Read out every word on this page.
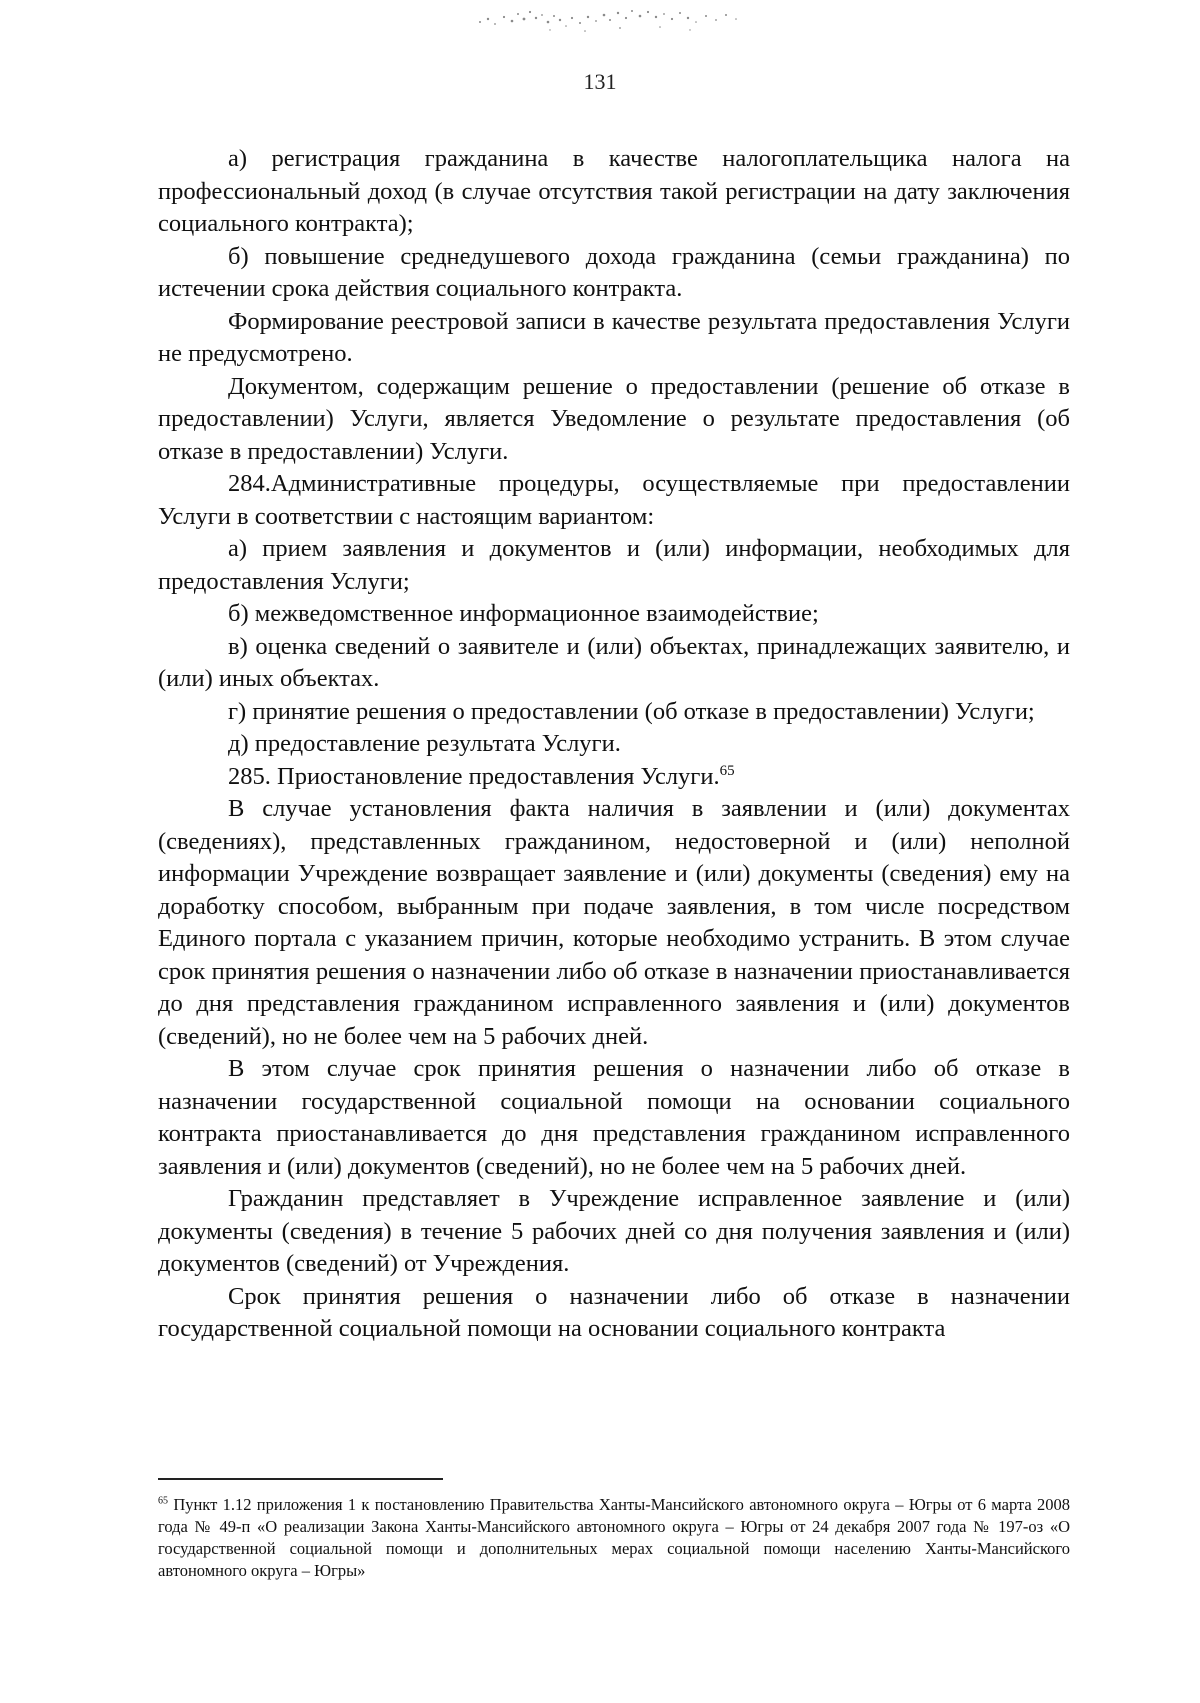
131

а) регистрация гражданина в качестве налогоплательщика налога на профессиональный доход (в случае отсутствия такой регистрации на дату заключения социального контракта);

б) повышение среднедушевого дохода гражданина (семьи гражданина) по истечении срока действия социального контракта.

Формирование реестровой записи в качестве результата предоставления Услуги не предусмотрено.

Документом, содержащим решение о предоставлении (решение об отказе в предоставлении) Услуги, является Уведомление о результате предоставления (об отказе в предоставлении) Услуги.

284.Административные процедуры, осуществляемые при предоставлении Услуги в соответствии с настоящим вариантом:

а) прием заявления и документов и (или) информации, необходимых для предоставления Услуги;

б) межведомственное информационное взаимодействие;

в) оценка сведений о заявителе и (или) объектах, принадлежащих заявителю, и (или) иных объектах.

г) принятие решения о предоставлении (об отказе в предоставлении) Услуги;

д) предоставление результата Услуги.

285. Приостановление предоставления Услуги.$^{65}$

В случае установления факта наличия в заявлении и (или) документах (сведениях), представленных гражданином, недостоверной и (или) неполной информации Учреждение возвращает заявление и (или) документы (сведения) ему на доработку способом, выбранным при подаче заявления, в том числе посредством Единого портала с указанием причин, которые необходимо устранить. В этом случае срок принятия решения о назначении либо об отказе в назначении приостанавливается до дня представления гражданином исправленного заявления и (или) документов (сведений), но не более чем на 5 рабочих дней.

В этом случае срок принятия решения о назначении либо об отказе в назначении государственной социальной помощи на основании социального контракта приостанавливается до дня представления гражданином исправленного заявления и (или) документов (сведений), но не более чем на 5 рабочих дней.

Гражданин представляет в Учреждение исправленное заявление и (или) документы (сведения) в течение 5 рабочих дней со дня получения заявления и (или) документов (сведений) от Учреждения.

Срок принятия решения о назначении либо об отказе в назначении государственной социальной помощи на основании социального контракта

$^{65}$ Пункт 1.12 приложения 1 к постановлению Правительства Ханты-Мансийского автономного округа – Югры от 6 марта 2008 года № 49-п «О реализации Закона Ханты-Мансийского автономного округа – Югры от 24 декабря 2007 года № 197-оз «О государственной социальной помощи и дополнительных мерах социальной помощи населению Ханты-Мансийского автономного округа – Югры»
